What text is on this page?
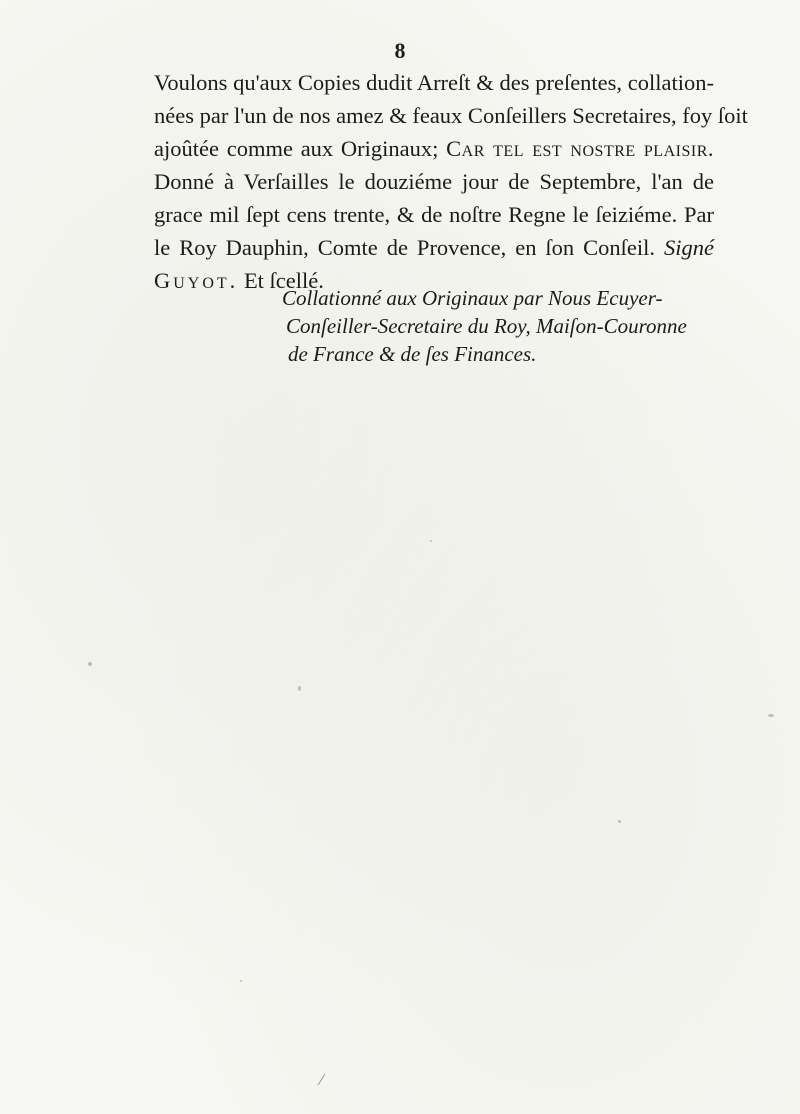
8
Voulons qu'aux Copies dudit Arreſt & des preſentes, collation-
nées par l'un de nos amez & feaux Conſeillers Secretaires, foy ſoit
ajoûtée comme aux Originaux; Car tel est nostre plaisir.
Donné à Verſailles le douziéme jour de Septembre, l'an de
grace mil ſept cens trente, & de noſtre Regne le ſeiziéme. Par
le Roy Dauphin, Comte de Provence, en ſon Conſeil. Signé
Guyot. Et ſcellé.
Collationné aux Originaux par Nous Ecuyer-
Conſeiller-Secretaire du Roy, Maiſon-Couronne
de France & de ſes Finances.
